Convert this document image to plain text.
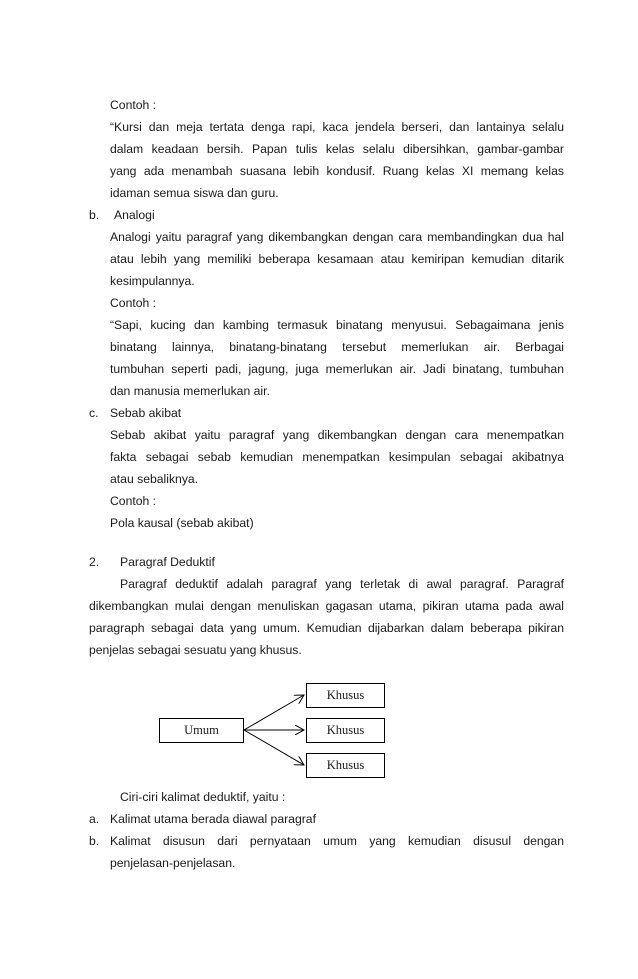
Contoh :
“Kursi dan meja tertata denga rapi, kaca jendela berseri, dan lantainya selalu
dalam keadaan bersih. Papan tulis kelas selalu dibersihkan, gambar-gambar
yang ada menambah suasana lebih kondusif. Ruang kelas XI memang kelas
idaman semua siswa dan guru.
b. Analogi
Analogi yaitu paragraf yang dikembangkan dengan cara membandingkan dua hal
atau lebih yang memiliki beberapa kesamaan atau kemiripan kemudian ditarik
kesimpulannya.
Contoh :
“Sapi, kucing dan kambing termasuk binatang menyusui. Sebagaimana jenis
binatang lainnya, binatang-binatang tersebut memerlukan air. Berbagai
tumbuhan seperti padi, jagung, juga memerlukan air. Jadi binatang, tumbuhan
dan manusia memerlukan air.
c. Sebab akibat
Sebab akibat yaitu paragraf yang dikembangkan dengan cara menempatkan
fakta sebagai sebab kemudian menempatkan kesimpulan sebagai akibatnya
atau sebaliknya.
Contoh :
Pola kausal (sebab akibat)
2. Paragraf Deduktif
Paragraf deduktif adalah paragraf yang terletak di awal paragraf. Paragraf
dikembangkan mulai dengan menuliskan gagasan utama, pikiran utama pada awal
paragraph sebagai data yang umum. Kemudian dijabarkan dalam beberapa pikiran
penjelas sebagai sesuatu yang khusus.
Umum
Khusus
Khusus
Khusus
Ciri-ciri kalimat deduktif, yaitu :
a. Kalimat utama berada diawal paragraf
b. Kalimat disusun dari pernyataan umum yang kemudian disusul dengan
penjelasan-penjelasan.
